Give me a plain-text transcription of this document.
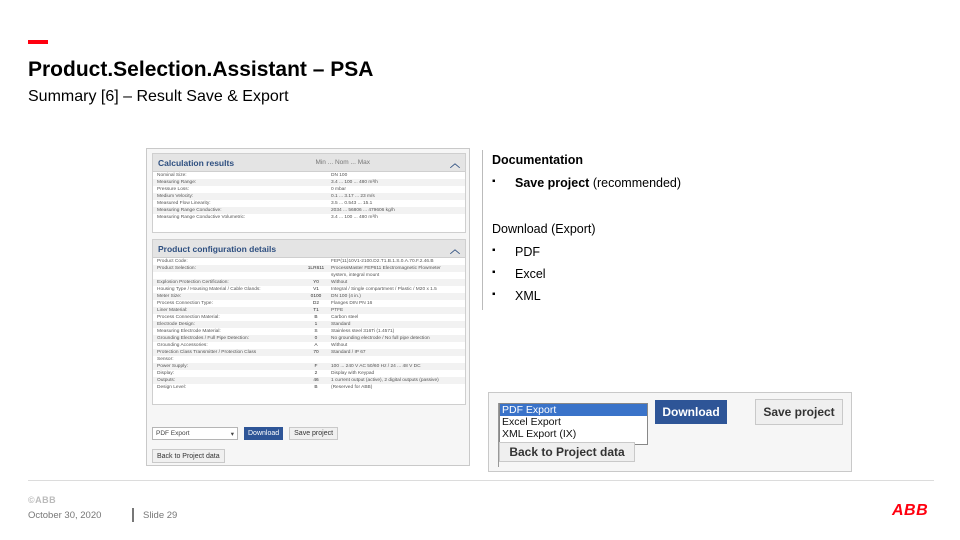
Product.Selection.Assistant – PSA
Summary [6] – Result Save & Export
Calculation results	Min ... Nom ... Max	︿
Nominal Size:	DN 100
Measuring Range:	3.4 ... 100 ... 480 m³/h
Pressure Loss:	0 mbar
Medium Velocity:	0.1 ... 3.17 ... 23 m/s
Measured Flow Linearity:	3.5 ... 0.543 ... 15.1
Measuring Range Conductive:	2034 ... 56806 ... 479606 kg/h
Measuring Range Conductive Volumetric:	3.4 ... 100 ... 480 m³/h
Product configuration details	︿
Product Code:	FEP(11)10V1-2100.D2.T1.B.1.S.0.A.70.F.2.46.B
Product Selection:	1LR611	ProcessMaster FEP611 Electromagnetic Flowmeter
system, integral mount
Explosion Protection Certification:	Y0	Without
Housing Type / Housing Material / Cable Glands:	V1	Integral / Single compartment / Plastic / M20 x 1.5
Meter Size:	0100	DN 100 (4 in.)
Process Connection Type:	D2	Flanges DIN PN 16
Liner Material:	T1	PTFE
Process Connection Material:	B	Carbon steel
Electrode Design:	1	Standard
Measuring Electrode Material:	S	Stainless steel 316Ti (1.4571)
Grounding Electrodes / Full Pipe Detection:	0	No grounding electrode / No full pipe detection
Grounding Accessories:	A	Without
Protection Class Transmitter / Protection Class	70	Standard / IP 67
Sensor:
Power Supply:	F	100 ... 240 V AC 50/60 Hz / 24 ... 48 V DC
Display:	2	Display with Keypad
Outputs:	46	1 current output (active), 2 digital outputs (passive)
Design Level:	B	(Reserved for ABB)
PDF Export	▾	Download	Save project
Back to Project data
Documentation
▪	Save project (recommended)
Download (Export)
▪	PDF
▪	Excel
▪	XML
PDF Export
Excel Export
XML Export (IX)
Download	Save project
Back to Project data
©ABB
October 30, 2020	Slide 29	ABB
